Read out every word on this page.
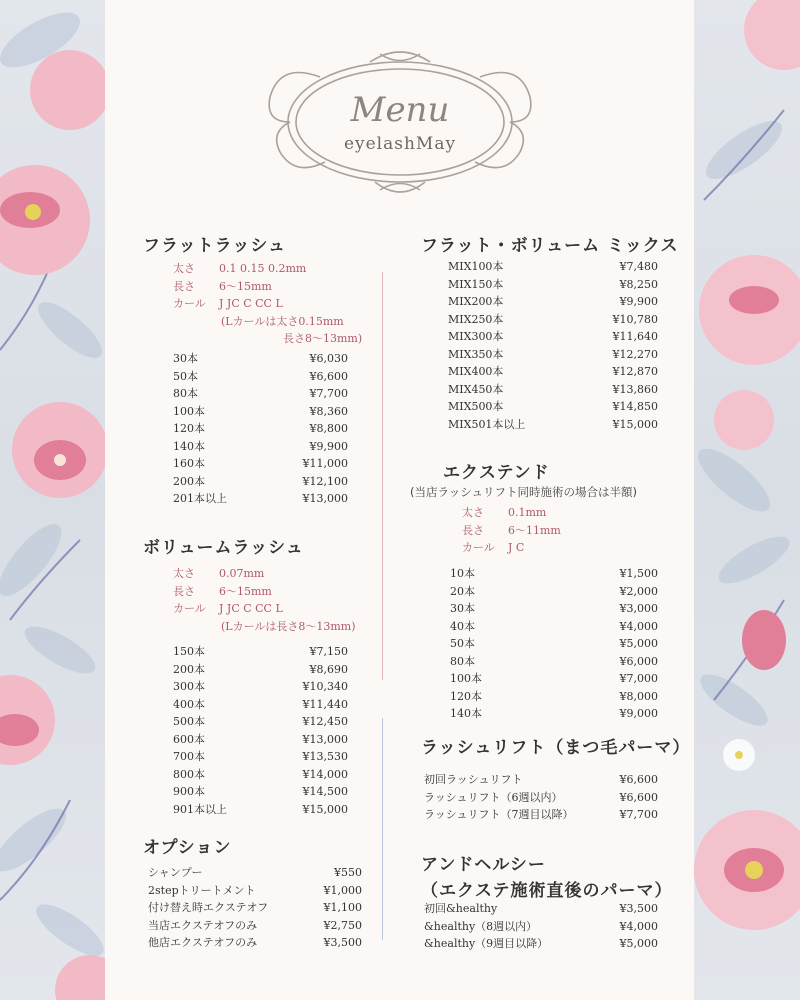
Menu
eyelashMay
フラットラッシュ
太さ	0.1 0.15 0.2mm
長さ	6～15mm
カール	J JC C CC L
(Lカールは太さ0.15mm
長さ8～13mm)
30本	¥6,030
50本	¥6,600
80本	¥7,700
100本	¥8,360
120本	¥8,800
140本	¥9,900
160本	¥11,000
200本	¥12,100
201本以上	¥13,000
ボリュームラッシュ
太さ	0.07mm
長さ	6～15mm
カール	J JC C CC L
(Lカールは長さ8～13mm)
150本	¥7,150
200本	¥8,690
300本	¥10,340
400本	¥11,440
500本	¥12,450
600本	¥13,000
700本	¥13,530
800本	¥14,000
900本	¥14,500
901本以上	¥15,000
オプション
シャンプー	¥550
2stepトリートメント	¥1,000
付け替え時エクステオフ	¥1,100
当店エクステオフのみ	¥2,750
他店エクステオフのみ	¥3,500
フラット・ボリューム ミックス
MIX100本	¥7,480
MIX150本	¥8,250
MIX200本	¥9,900
MIX250本	¥10,780
MIX300本	¥11,640
MIX350本	¥12,270
MIX400本	¥12,870
MIX450本	¥13,860
MIX500本	¥14,850
MIX501本以上	¥15,000
エクステンド
(当店ラッシュリフト同時施術の場合は半額)
太さ	0.1mm
長さ	6～11mm
カール	J C
10本	¥1,500
20本	¥2,000
30本	¥3,000
40本	¥4,000
50本	¥5,000
80本	¥6,000
100本	¥7,000
120本	¥8,000
140本	¥9,000
ラッシュリフト（まつ毛パーマ）
初回ラッシュリフト	¥6,600
ラッシュリフト（6週以内）	¥6,600
ラッシュリフト（7週目以降）	¥7,700
アンドヘルシー
（エクステ施術直後のパーマ）
初回&healthy	¥3,500
&healthy（8週以内）	¥4,000
&healthy（9週目以降）	¥5,000
